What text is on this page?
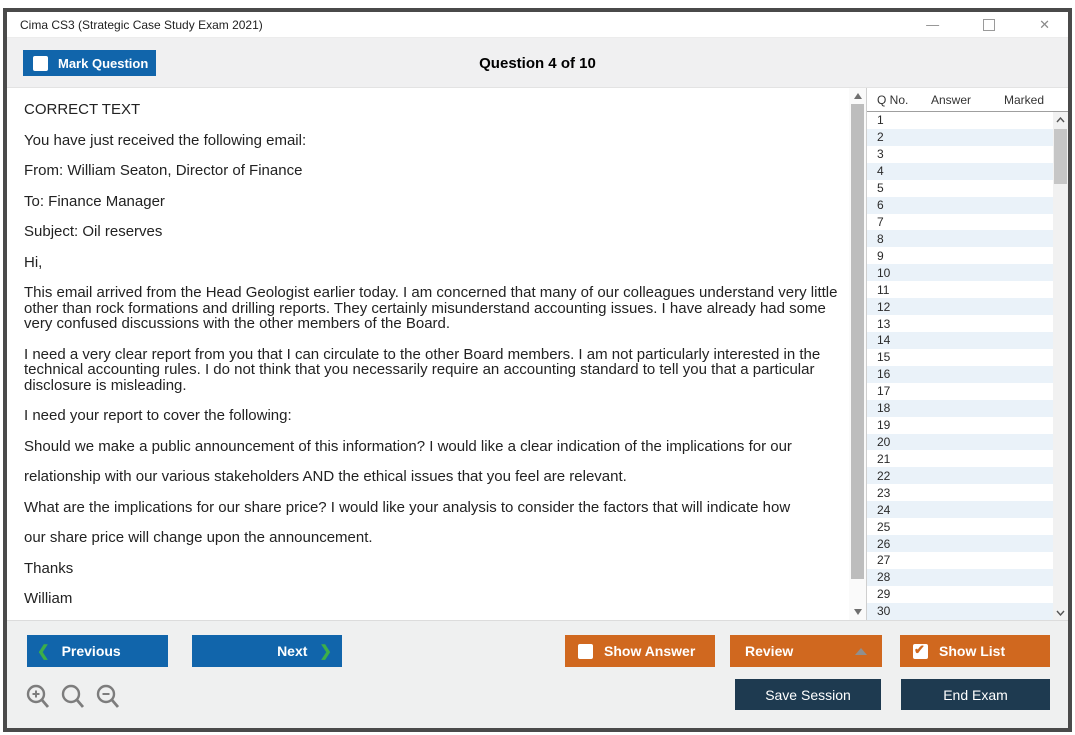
Cima CS3 (Strategic Case Study Exam 2021)	—	✕
Mark Question	Question 4 of 10

CORRECT TEXT

You have just received the following email:

From: William Seaton, Director of Finance

To: Finance Manager

Subject: Oil reserves

Hi,

This email arrived from the Head Geologist earlier today. I am concerned that many of our colleagues understand very little other than rock formations and drilling reports. They certainly misunderstand accounting issues. I have already had some very confused discussions with the other members of the Board.

I need a very clear report from you that I can circulate to the other Board members. I am not particularly interested in the technical accounting rules. I do not think that you necessarily require an accounting standard to tell you that a particular disclosure is misleading.

I need your report to cover the following:

Should we make a public announcement of this information? I would like a clear indication of the implications for our

relationship with our various stakeholders AND the ethical issues that you feel are relevant.

What are the implications for our share price? I would like your analysis to consider the factors that will indicate how

our share price will change upon the announcement.

Thanks

William

Q No.	Answer	Marked
1
2
3
4
5
6
7
8
9
10
11
12
13
14
15
16
17
18
19
20
21
22
23
24
25
26
27
28
29
30
❮ Previous	Next ❯	Show Answer	Review ✔	Show List
Save Session	End Exam
